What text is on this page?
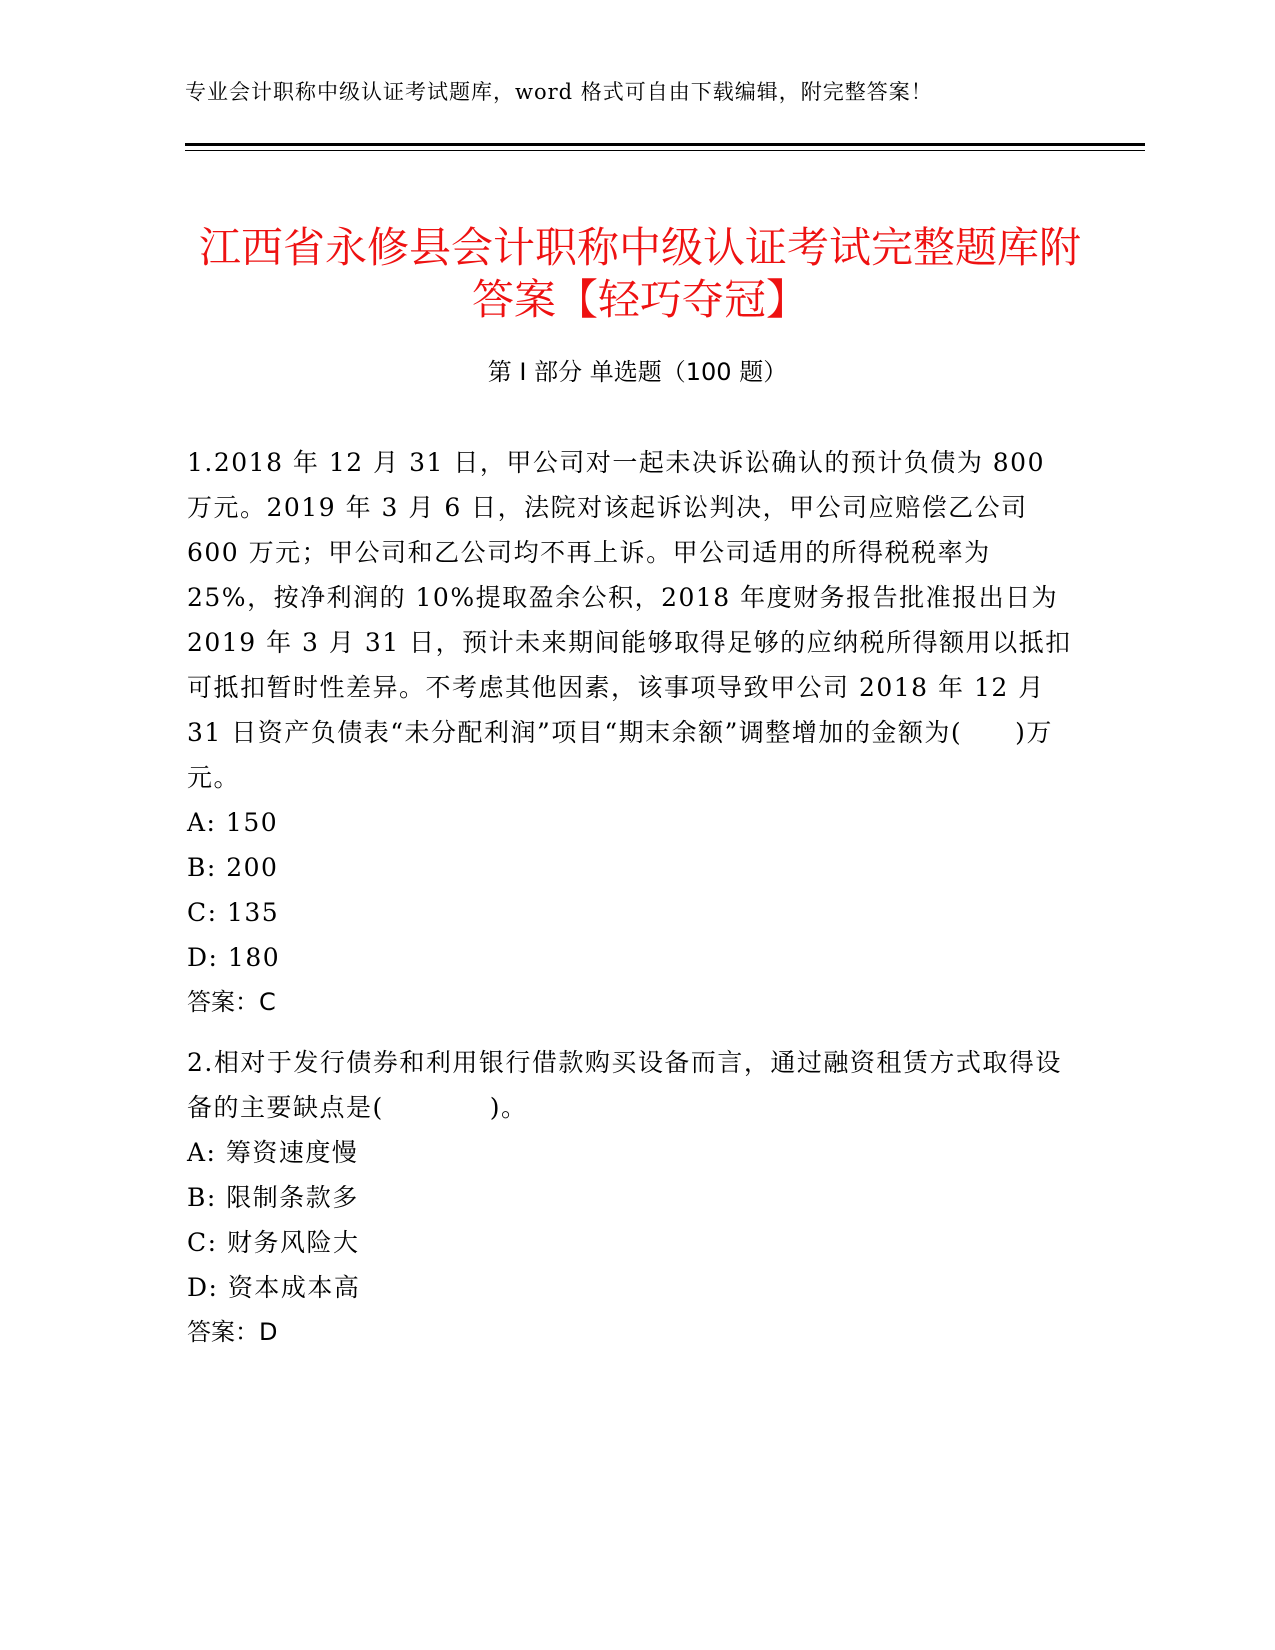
专业会计职称中级认证考试题库，word 格式可自由下载编辑，附完整答案！
江西省永修县会计职称中级认证考试完整题库附答案【轻巧夺冠】
第 I 部分 单选题（100 题）

1.2018 年 12 月 31 日，甲公司对一起未决诉讼确认的预计负债为 800 万元。2019 年 3 月 6 日，法院对该起诉讼判决，甲公司应赔偿乙公司 600 万元；甲公司和乙公司均不再上诉。甲公司适用的所得税税率为 25%，按净利润的 10%提取盈余公积，2018 年度财务报告批准报出日为 2019 年 3 月 31 日，预计未来期间能够取得足够的应纳税所得额用以抵扣可抵扣暂时性差异。不考虑其他因素，该事项导致甲公司 2018 年 12 月 31 日资产负债表“未分配利润”项目“期末余额”调整增加的金额为(　　)万元。

A: 150

B: 200

C: 135

D: 180

答案：C

2.相对于发行债券和利用银行借款购买设备而言，通过融资租赁方式取得设备的主要缺点是(　　　　)。

A: 筹资速度慢

B: 限制条款多

C: 财务风险大

D: 资本成本高

答案：D
